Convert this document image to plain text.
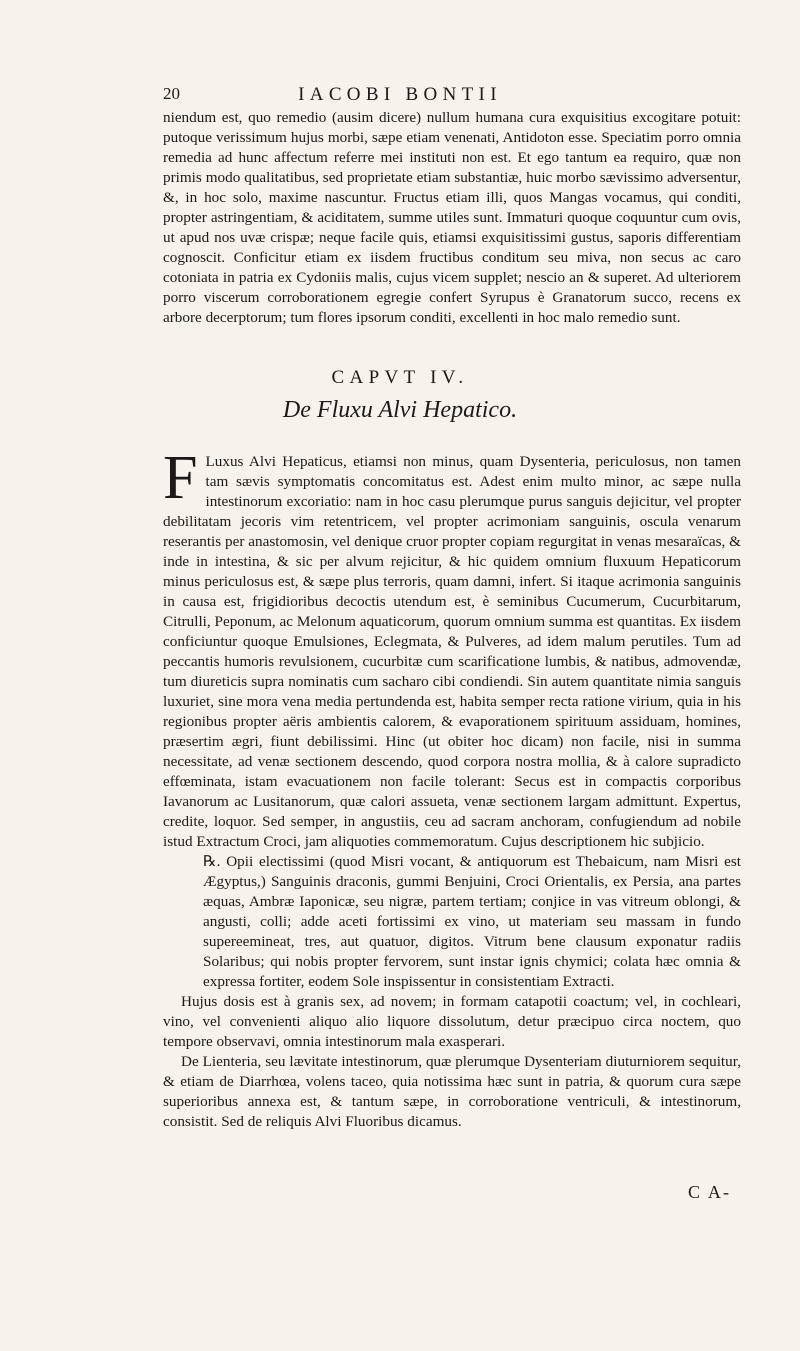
20	IACOBI BONTII

niendum est, quo remedio (ausim dicere) nullum humana cura exquisitius excogitare potuit: putoque verissimum hujus morbi, sæpe etiam venenati, Antidoton esse. Speciatim porro omnia remedia ad hunc affectum referre mei instituti non est. Et ego tantum ea requiro, quæ non primis modo qualitatibus, sed proprietate etiam substantiæ, huic morbo sævissimo adversentur, &, in hoc solo, maxime nascuntur. Fructus etiam illi, quos Mangas vocamus, qui conditi, propter astringentiam, & aciditatem, summe utiles sunt. Immaturi quoque coquuntur cum ovis, ut apud nos uvæ crispæ; neque facile quis, etiamsi exquisitissimi gustus, saporis differentiam cognoscit. Conficitur etiam ex iisdem fructibus conditum seu miva, non secus ac caro cotoniata in patria ex Cydoniis malis, cujus vicem supplet; nescio an & superet. Ad ulteriorem porro viscerum corroborationem egregie confert Syrupus è Granatorum succo, recens ex arbore decerptorum; tum flores ipsorum conditi, excellenti in hoc malo remedio sunt.

CAPVT IV.
De Fluxu Alvi Hepatico.

F Luxus Alvi Hepaticus, etiamsi non minus, quam Dysenteria, periculosus, non tamen tam sævis symptomatis concomitatus est. Adest enim multo minor, ac sæpe nulla intestinorum excoriatio: nam in hoc casu plerumque purus sanguis dejicitur, vel propter debilitatam jecoris vim retentricem, vel propter acrimoniam sanguinis, oscula venarum reserantis per anastomosin, vel denique cruor propter copiam regurgitat in venas mesaraïcas, & inde in intestina, & sic per alvum rejicitur, & hic quidem omnium fluxuum Hepaticorum minus periculosus est, & sæpe plus terroris, quam damni, infert. Si itaque acrimonia sanguinis in causa est, frigidioribus decoctis utendum est, è seminibus Cucumerum, Cucurbitarum, Citrulli, Peponum, ac Melonum aquaticorum, quorum omnium summa est quantitas. Ex iisdem conficiuntur quoque Emulsiones, Eclegmata, & Pulveres, ad idem malum perutiles. Tum ad peccantis humoris revulsionem, cucurbitæ cum scarificatione lumbis, & natibus, admovendæ, tum diureticis supra nominatis cum sacharo cibi condiendi. Sin autem quantitate nimia sanguis luxuriet, sine mora vena media pertundenda est, habita semper recta ratione virium, quia in his regionibus propter aëris ambientis calorem, & evaporationem spirituum assiduam, homines, præsertim ægri, fiunt debilissimi. Hinc (ut obiter hoc dicam) non facile, nisi in summa necessitate, ad venæ sectionem descendo, quod corpora nostra mollia, & à calore supradicto effœminata, istam evacuationem non facile tolerant: Secus est in compactis corporibus Iavanorum ac Lusitanorum, quæ calori assueta, venæ sectionem largam admittunt. Expertus, credite, loquor. Sed semper, in angustiis, ceu ad sacram anchoram, confugiendum ad nobile istud Extractum Croci, jam aliquoties commemoratum. Cujus descriptionem hic subjicio.

℞. Opii electissimi (quod Misri vocant, & antiquorum est Thebaicum, nam Misri est Ægyptus,) Sanguinis draconis, gummi Benjuini, Croci Orientalis, ex Persia, ana partes æquas, Ambræ Iaponicæ, seu nigræ, partem tertiam; conjice in vas vitreum oblongi, & angusti, colli; adde aceti fortissimi ex vino, ut materiam seu massam in fundo supereemineat, tres, aut quatuor, digitos. Vitrum bene clausum exponatur radiis Solaribus; qui nobis propter fervorem, sunt instar ignis chymici; colata hæc omnia & expressa fortiter, eodem Sole inspissentur in consistentiam Extracti.

Hujus dosis est à granis sex, ad novem; in formam catapotii coactum; vel, in cochleari, vino, vel convenienti aliquo alio liquore dissolutum, detur præcipuo circa noctem, quo tempore observavi, omnia intestinorum mala exasperari.

De Lienteria, seu lævitate intestinorum, quæ plerumque Dysenteriam diuturniorem sequitur, & etiam de Diarrhœa, volens taceo, quia notissima hæc sunt in patria, & quorum cura sæpe superioribus annexa est, & tantum sæpe, in corroboratione ventriculi, & intestinorum, consistit. Sed de reliquis Alvi Fluoribus dicamus.

C A-
